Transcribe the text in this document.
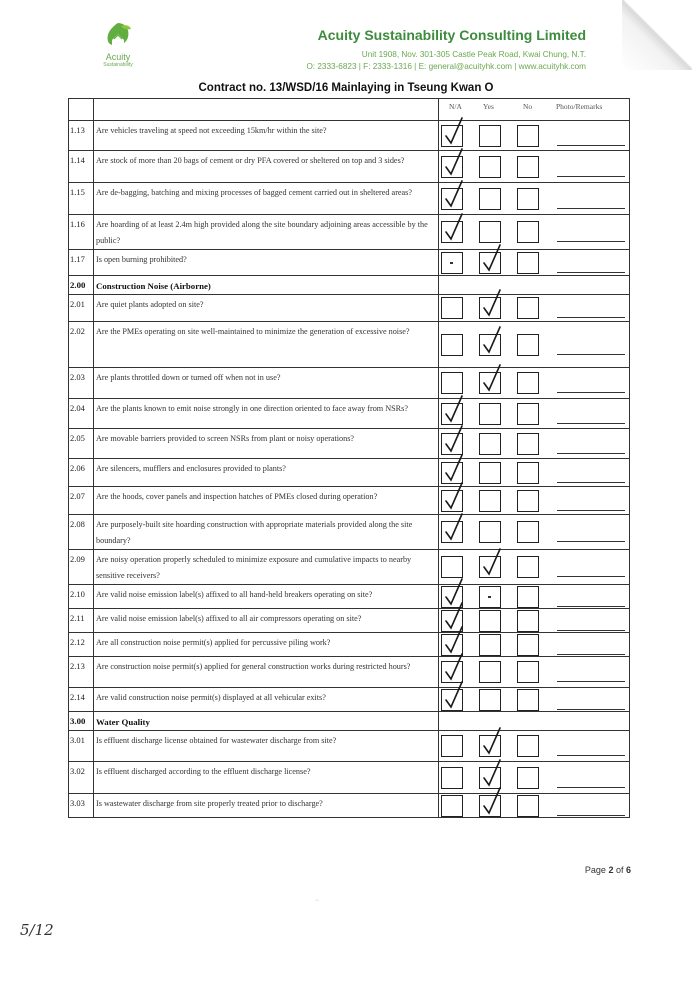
Acuity
Sustainability
Acuity Sustainability Consulting Limited
Unit 1908, Nov. 301-305 Castle Peak Road, Kwai Chung, N.T.
O: 2333-6823 | F: 2333-1316 | E: general@acuityhk.com | www.acuityhk.com
Contract no. 13/WSD/16 Mainlaying in Tseung Kwan O

		N/A Yes No Photo/Remarks

1.13	Are vehicles traveling at speed not exceeding 15km/hr within the site?	

1.14	Are stock of more than 20 bags of cement or dry PFA covered or sheltered on top and 3 sides?	

1.15	Are de-bagging, batching and mixing processes of bagged cement carried out in sheltered areas?	

1.16	Are hoarding of at least 2.4m high provided along the site boundary adjoining areas accessible by the public?	

1.17	Is open burning prohibited?	

2.00	Construction Noise (Airborne)	
2.01	Are quiet plants adopted on site?	

2.02	Are the PMEs operating on site well-maintained to minimize the generation of excessive noise?	

2.03	Are plants throttled down or turned off when not in use?	

2.04	Are the plants known to emit noise strongly in one direction oriented to face away from NSRs?	

2.05	Are movable barriers provided to screen NSRs from plant or noisy operations?	

2.06	Are silencers, mufflers and enclosures provided to plants?	

2.07	Are the hoods, cover panels and inspection hatches of PMEs closed during operation?	

2.08	Are purposely-built site hoarding construction with appropriate materials provided along the site boundary?	

2.09	Are noisy operation properly scheduled to minimize exposure and cumulative impacts to nearby sensitive receivers?	

2.10	Are valid noise emission label(s) affixed to all hand-held breakers operating on site?	

2.11	Are valid noise emission label(s) affixed to all air compressors operating on site?	

2.12	Are all construction noise permit(s) applied for percussive piling work?	

2.13	Are construction noise permit(s) applied for general construction works during restricted hours?	

2.14	Are valid construction noise permit(s) displayed at all vehicular exits?	

3.00	Water Quality	
3.01	Is effluent discharge license obtained for wastewater discharge from site?	

3.02	Is effluent discharged according to the effluent discharge license?	

3.03	Is wastewater discharge from site properly treated prior to discharge?	
Page 2 of 6
··
5/12
